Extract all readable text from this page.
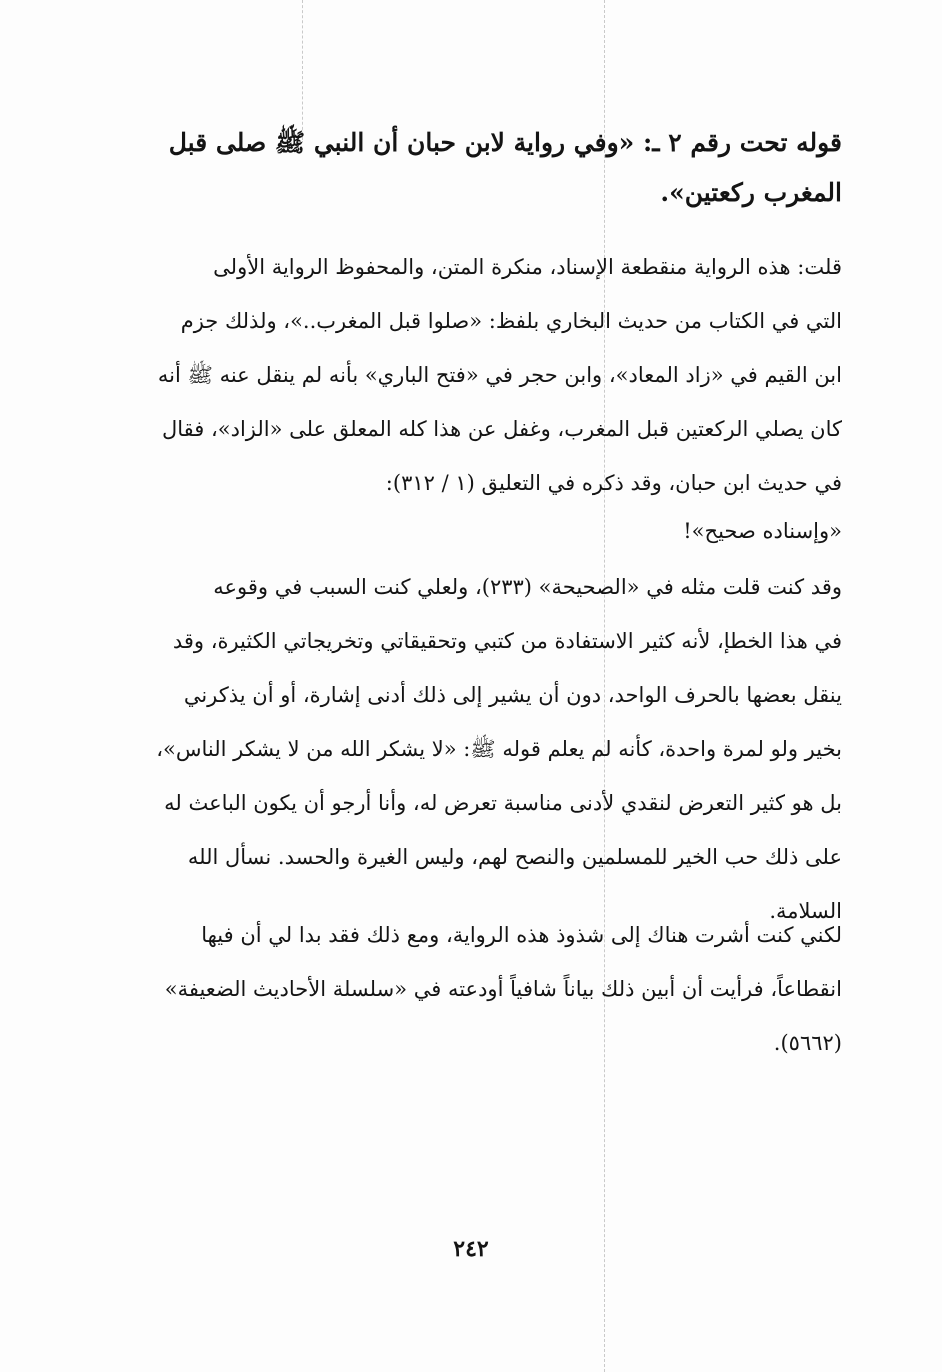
قوله تحت رقم ٢ ـ: «وفي رواية لابن حبان أن النبي ﷺ صلى قبل
المغرب ركعتين».
قلت: هذه الرواية منقطعة الإسناد، منكرة المتن، والمحفوظ الرواية الأولى
التي في الكتاب من حديث البخاري بلفظ: «صلوا قبل المغرب..»، ولذلك جزم
ابن القيم في «زاد المعاد»، وابن حجر في «فتح الباري» بأنه لم ينقل عنه ﷺ أنه
كان يصلي الركعتين قبل المغرب، وغفل عن هذا كله المعلق على «الزاد»، فقال
في حديث ابن حبان، وقد ذكره في التعليق (١ / ٣١٢):
«وإسناده صحيح»!
وقد كنت قلت مثله في «الصحيحة» (٢٣٣)، ولعلي كنت السبب في وقوعه
في هذا الخطإ، لأنه كثير الاستفادة من كتبي وتحقيقاتي وتخريجاتي الكثيرة، وقد
ينقل بعضها بالحرف الواحد، دون أن يشير إلى ذلك أدنى إشارة، أو أن يذكرني
بخير ولو لمرة واحدة، كأنه لم يعلم قوله ﷺ: «لا يشكر الله من لا يشكر الناس»،
بل هو كثير التعرض لنقدي لأدنى مناسبة تعرض له، وأنا أرجو أن يكون الباعث له
على ذلك حب الخير للمسلمين والنصح لهم، وليس الغيرة والحسد. نسأل الله
السلامة.
لكني كنت أشرت هناك إلى شذوذ هذه الرواية، ومع ذلك فقد بدا لي أن فيها
انقطاعاً، فرأيت أن أبين ذلك بياناً شافياً أودعته في «سلسلة الأحاديث الضعيفة»
(٥٦٦٢).
٢٤٢
